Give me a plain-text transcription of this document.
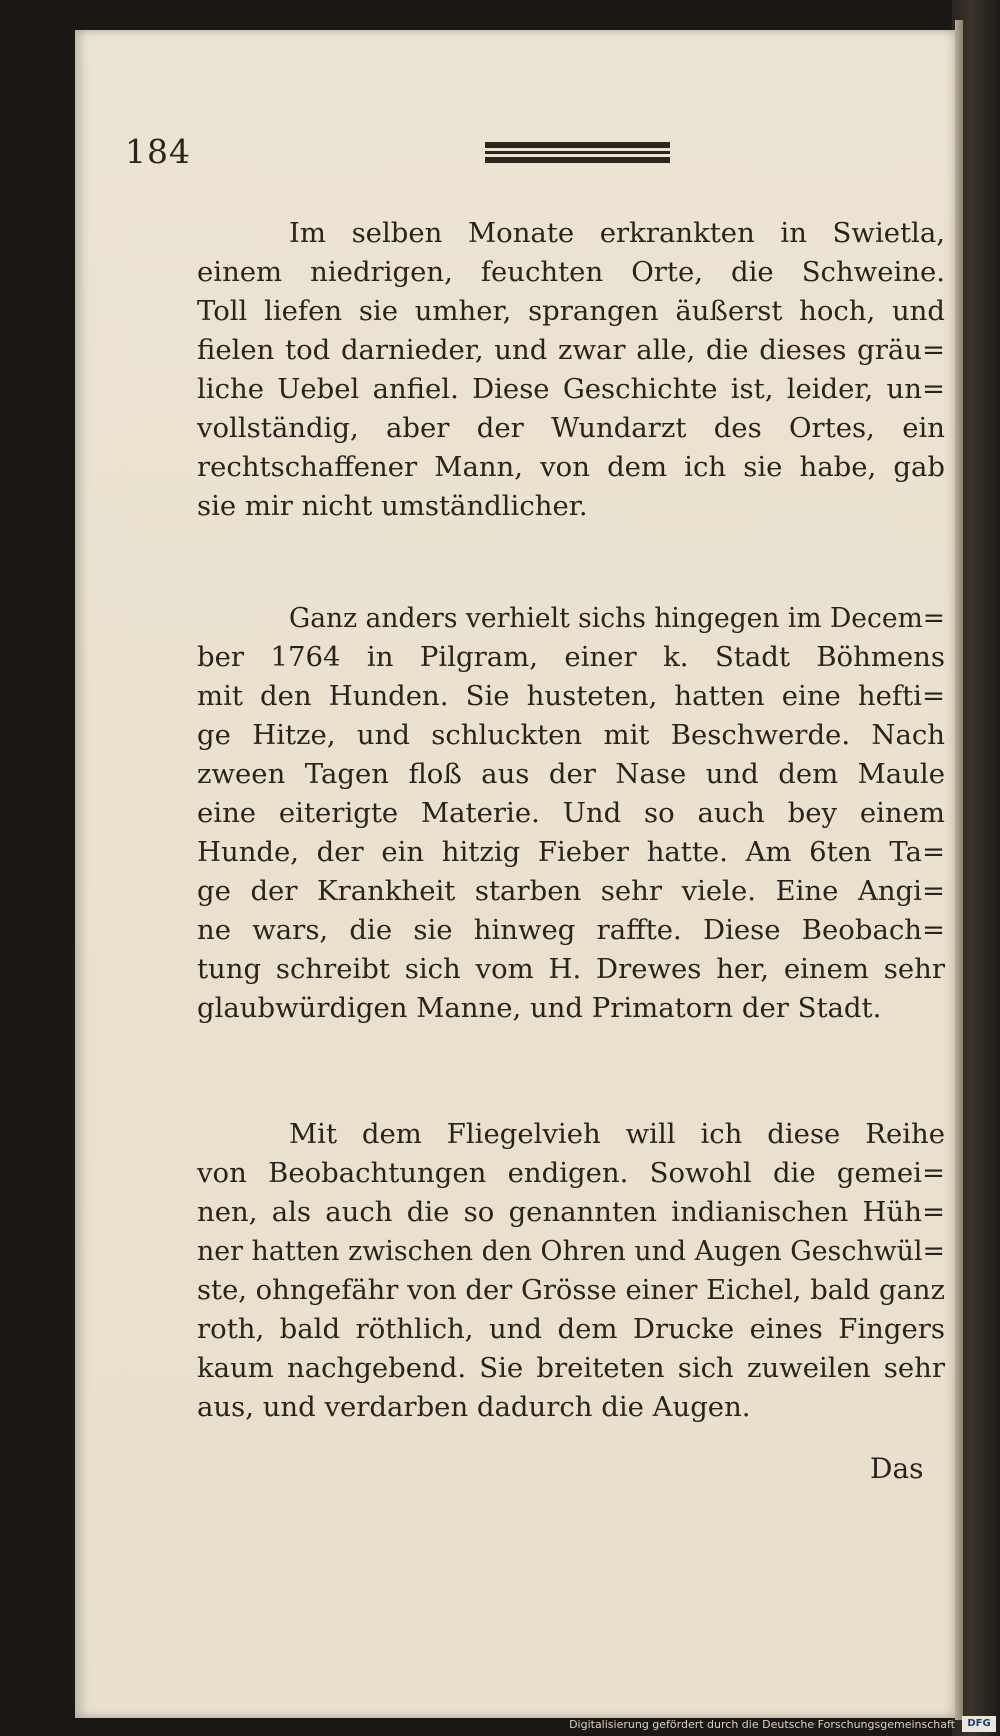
184
Im selben Monate erkrankten in Swietla,
einem niedrigen, feuchten Orte, die Schweine.
Toll liefen sie umher, sprangen äußerst hoch, und
fielen tod darnieder, und zwar alle, die dieses gräu=
liche Uebel anfiel. Diese Geschichte ist, leider, un=
vollständig, aber der Wundarzt des Ortes, ein
rechtschaffener Mann, von dem ich sie habe, gab
sie mir nicht umständlicher.
Ganz anders verhielt sichs hingegen im Decem=
ber 1764 in Pilgram, einer k. Stadt Böhmens
mit den Hunden. Sie husteten, hatten eine hefti=
ge Hitze, und schluckten mit Beschwerde. Nach
zween Tagen floß aus der Nase und dem Maule
eine eiterigte Materie. Und so auch bey einem
Hunde, der ein hitzig Fieber hatte. Am 6ten Ta=
ge der Krankheit starben sehr viele. Eine Angi=
ne wars, die sie hinweg raffte. Diese Beobach=
tung schreibt sich vom H. Drewes her, einem sehr
glaubwürdigen Manne, und Primatorn der Stadt.
Mit dem Fliegelvieh will ich diese Reihe
von Beobachtungen endigen. Sowohl die gemei=
nen, als auch die so genannten indianischen Hüh=
ner hatten zwischen den Ohren und Augen Geschwül=
ste, ohngefähr von der Grösse einer Eichel, bald ganz
roth, bald röthlich, und dem Drucke eines Fingers
kaum nachgebend. Sie breiteten sich zuweilen sehr
aus, und verdarben dadurch die Augen.
Das
Digitalisierung gefördert durch die Deutsche Forschungsgemeinschaft	DFG
